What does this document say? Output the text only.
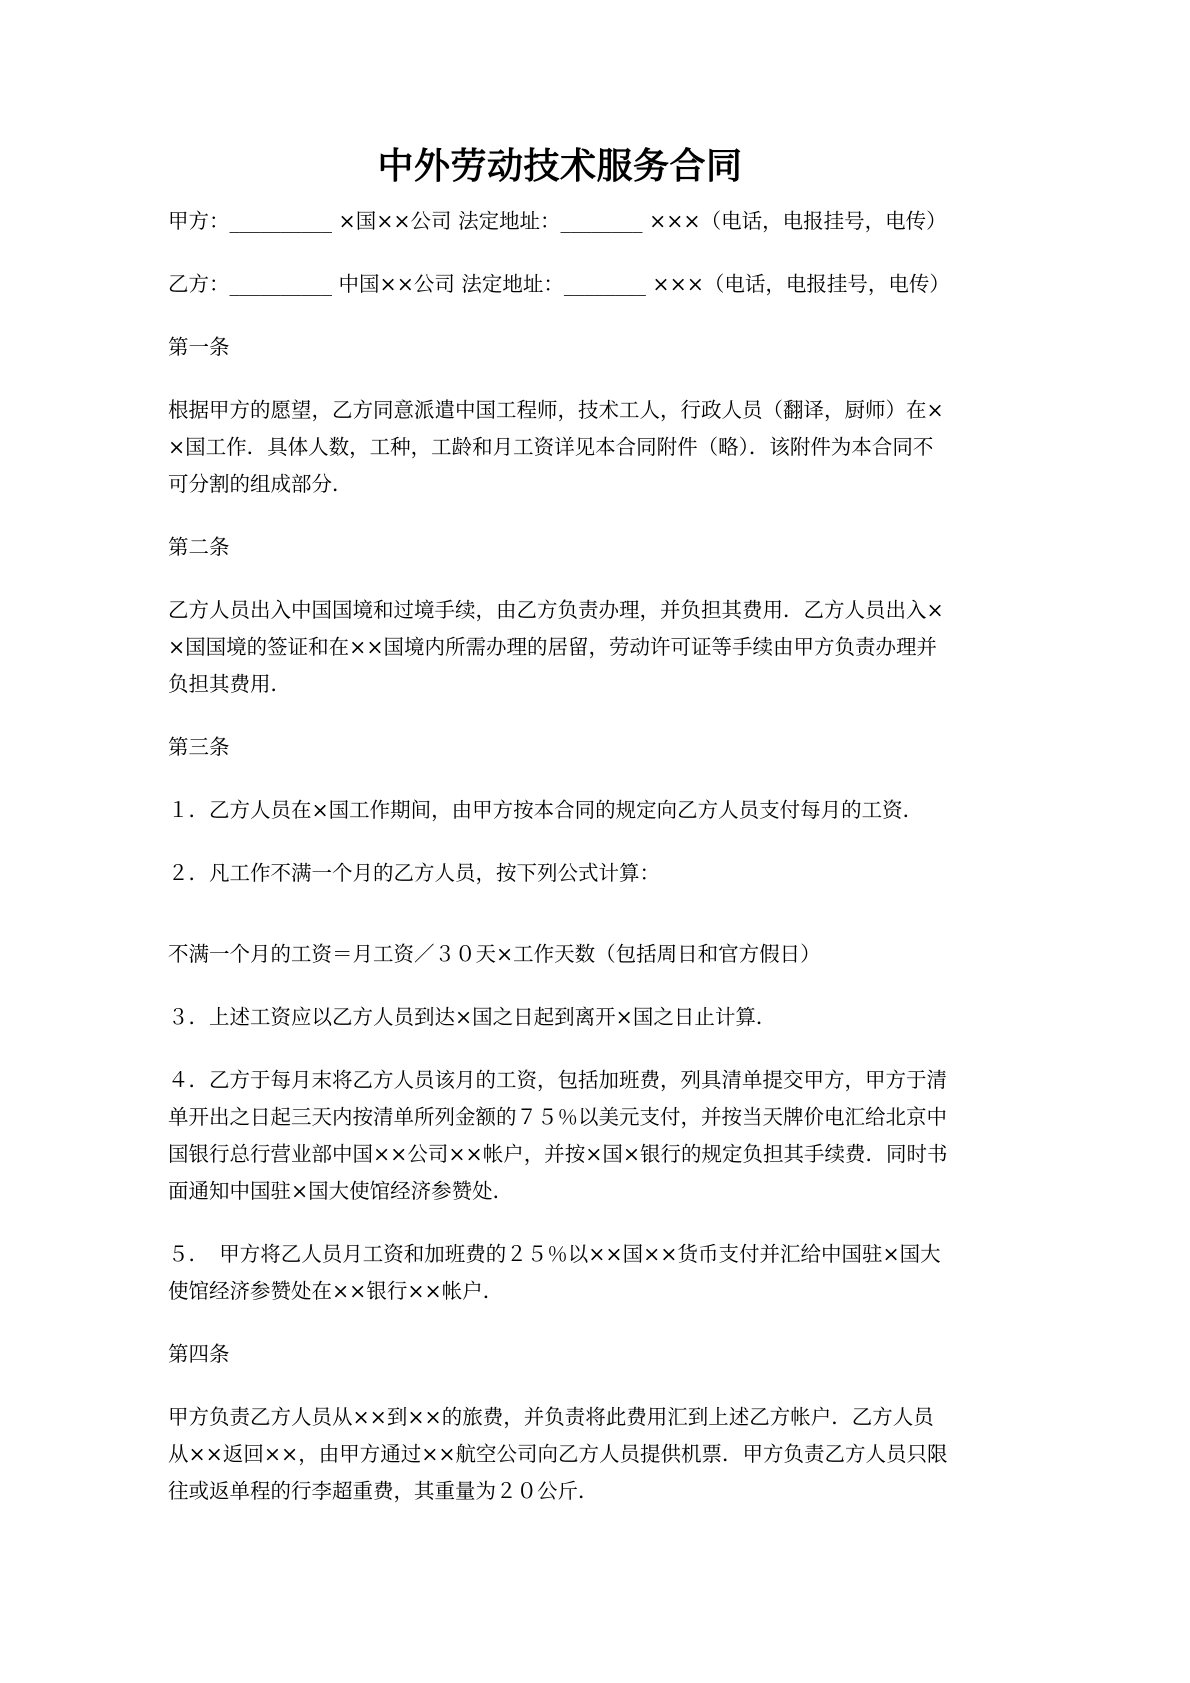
中外劳动技术服务合同

甲方：__________ ×国××公司 法定地址：________ ×××（电话，电报挂号，电传）

乙方：__________ 中国××公司 法定地址：________ ×××（电话，电报挂号，电传）

第一条

根据甲方的愿望，乙方同意派遣中国工程师，技术工人，行政人员（翻译，厨师）在××国工作．具体人数，工种，工龄和月工资详见本合同附件（略）．该附件为本合同不可分割的组成部分．

第二条

乙方人员出入中国国境和过境手续，由乙方负责办理，并负担其费用．乙方人员出入××国国境的签证和在××国境内所需办理的居留，劳动许可证等手续由甲方负责办理并负担其费用．

第三条

１．乙方人员在×国工作期间，由甲方按本合同的规定向乙方人员支付每月的工资．

２．凡工作不满一个月的乙方人员，按下列公式计算：

不满一个月的工资＝月工资／３０天×工作天数（包括周日和官方假日）

３．上述工资应以乙方人员到达×国之日起到离开×国之日止计算．

４．乙方于每月末将乙方人员该月的工资，包括加班费，列具清单提交甲方，甲方于清单开出之日起三天内按清单所列金额的７５％以美元支付，并按当天牌价电汇给北京中国银行总行营业部中国××公司××帐户，并按×国×银行的规定负担其手续费．同时书面通知中国驻×国大使馆经济参赞处．

５．　甲方将乙人员月工资和加班费的２５％以××国××货币支付并汇给中国驻×国大使馆经济参赞处在××银行××帐户．

第四条

甲方负责乙方人员从××到××的旅费，并负责将此费用汇到上述乙方帐户．乙方人员从××返回××，由甲方通过××航空公司向乙方人员提供机票．甲方负责乙方人员只限往或返单程的行李超重费，其重量为２０公斤．
